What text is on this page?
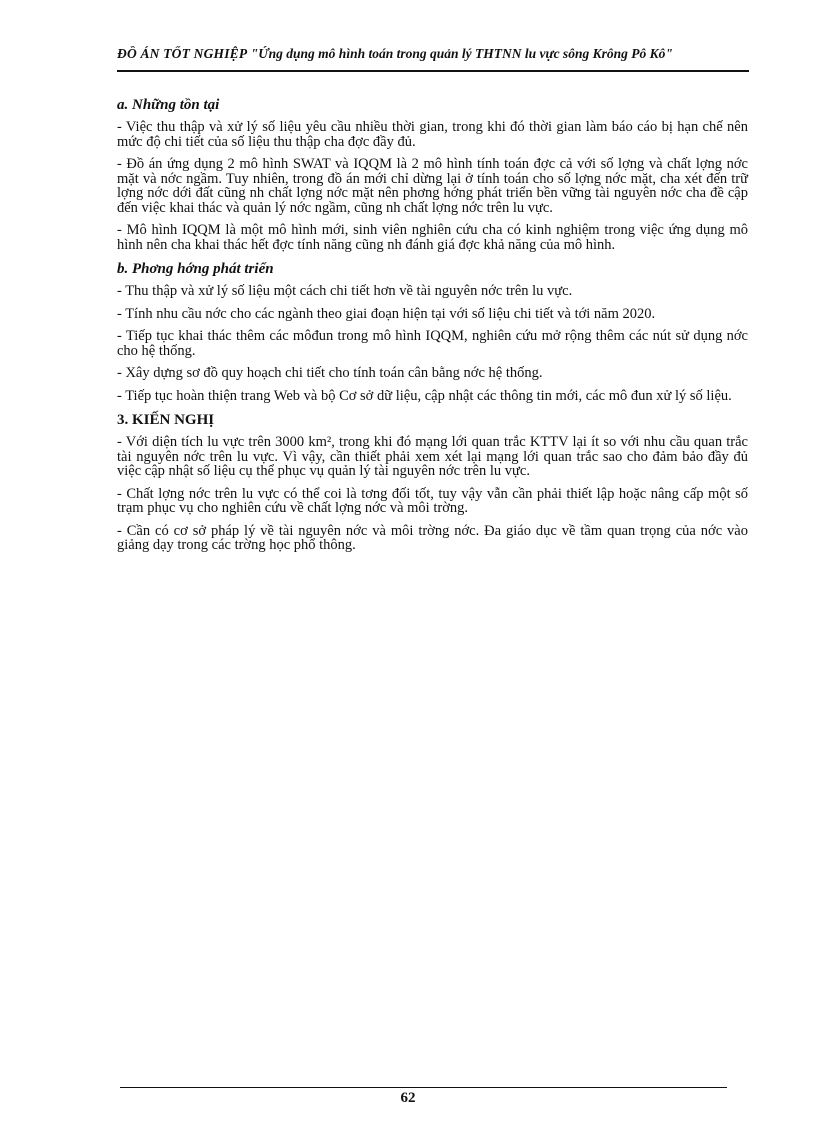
ĐỒ ÁN TỐT NGHIỆP "Ứng dụng mô hình toán trong quản lý THTNN lu vực sông Krông Pô Kô"
a. Những tồn tại

- Việc thu thập và xử lý số liệu yêu cầu nhiều thời gian, trong khi đó thời gian làm báo cáo bị hạn chế nên mức độ chi tiết của số liệu thu thập cha đợc đầy đủ.

- Đồ án ứng dụng 2 mô hình SWAT và IQQM là 2 mô hình tính toán đợc cả với số lợng và chất lợng nớc mặt và nớc ngầm. Tuy nhiên, trong đồ án mới chỉ dừng lại ở tính toán cho số lợng nớc mặt, cha xét đến trữ lợng nớc dới đất cũng nh chất lợng nớc mặt nên phơng hớng phát triển bền vững tài nguyên nớc cha đề cập đến việc khai thác và quản lý nớc ngầm, cũng nh chất lợng nớc trên lu vực.

- Mô hình IQQM là một mô hình mới, sinh viên nghiên cứu cha có kinh nghiệm trong việc ứng dụng mô hình nên cha khai thác hết đợc tính năng cũng nh đánh giá đợc khả năng của mô hình.

b. Phơng hớng phát triển

- Thu thập và xử lý số liệu một cách chi tiết hơn về tài nguyên nớc trên lu vực.

- Tính nhu cầu nớc cho các ngành theo giai đoạn hiện tại với số liệu chi tiết và tới năm 2020.

- Tiếp tục khai thác thêm các môđun trong mô hình IQQM, nghiên cứu mở rộng thêm các nút sử dụng nớc cho hệ thống.

- Xây dựng sơ đồ quy hoạch chi tiết cho tính toán cân bằng nớc hệ thống.

- Tiếp tục hoàn thiện trang Web và bộ Cơ sở dữ liệu, cập nhật các thông tin mới, các mô đun xử lý số liệu.

3. KIẾN NGHỊ

- Với diện tích lu vực trên 3000 km², trong khi đó mạng lới quan trắc KTTV lại ít so với nhu cầu quan trắc tài nguyên nớc trên lu vực. Vì vậy, cần thiết phải xem xét lại mạng lới quan trắc sao cho đảm bảo đầy đủ việc cập nhật số liệu cụ thể phục vụ quản lý tài nguyên nớc trên lu vực.

- Chất lợng nớc trên lu vực có thể coi là tơng đối tốt, tuy vậy vẫn cần phải thiết lập hoặc nâng cấp một số trạm phục vụ cho nghiên cứu về chất lợng nớc và môi trờng.

- Cần có cơ sở pháp lý về tài nguyên nớc và môi trờng nớc. Đa giáo dục về tầm quan trọng của nớc vào giảng dạy trong các trờng học phổ thông.

62
